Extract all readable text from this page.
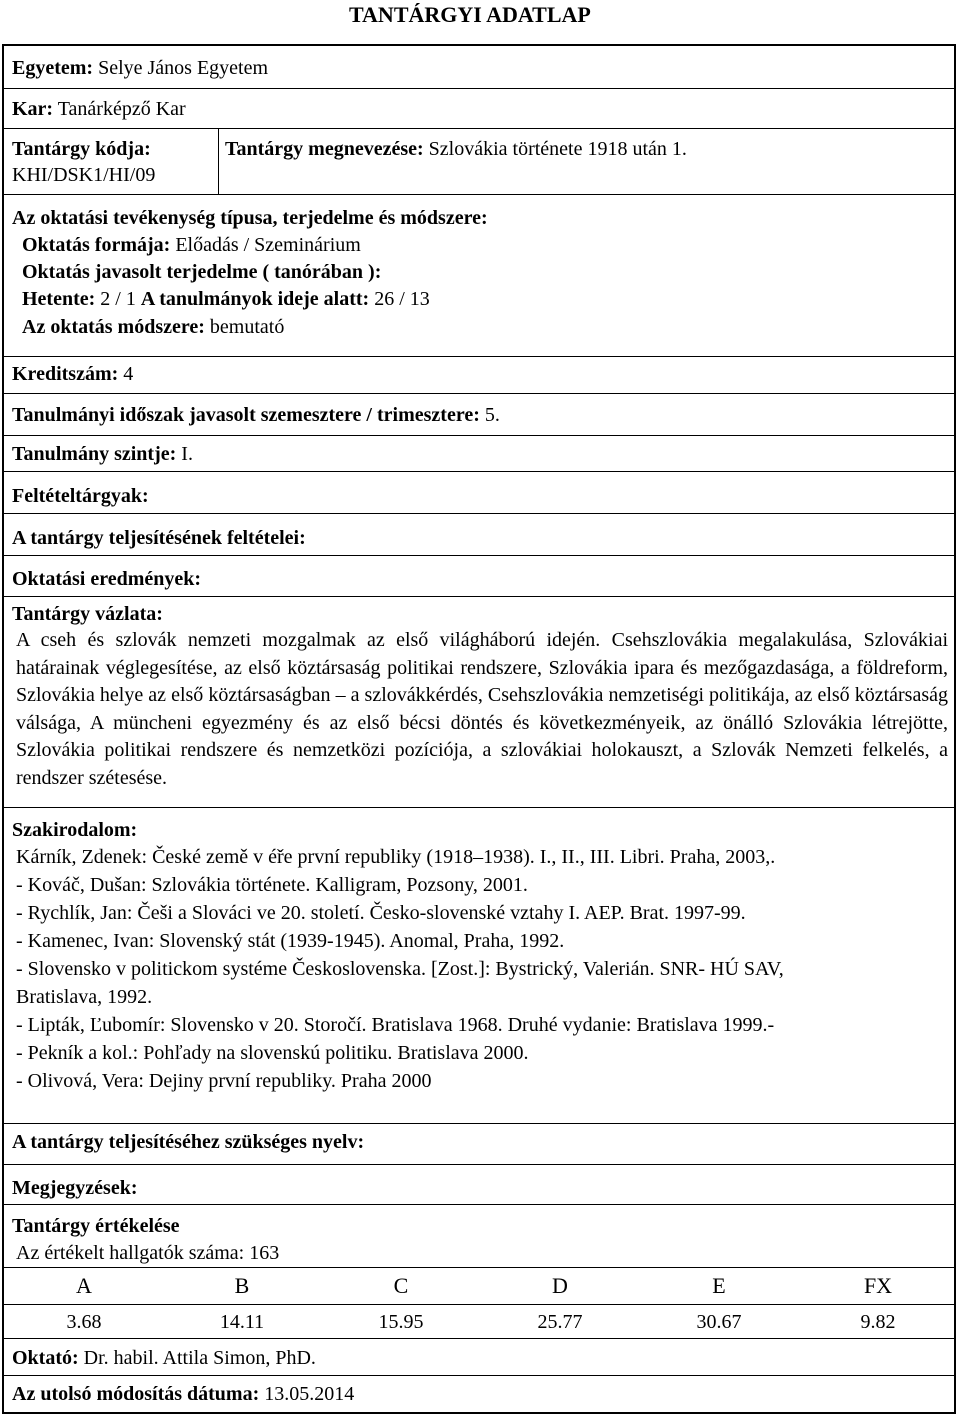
TANTÁRGYI ADATLAP
Egyetem: Selye János Egyetem
Kar: Tanárképző Kar
Tantárgy kódja:
KHI/DSK1/HI/09
Tantárgy megnevezése: Szlovákia története 1918 után 1.
Az oktatási tevékenység típusa, terjedelme és módszere:
Oktatás formája: Előadás / Szeminárium
Oktatás javasolt terjedelme ( tanórában ):
Hetente: 2 / 1 A tanulmányok ideje alatt: 26 / 13
Az oktatás módszere: bemutató
Kreditszám: 4
Tanulmányi időszak javasolt szemesztere / trimesztere: 5.
Tanulmány szintje: I.
Feltételtárgyak:
A tantárgy teljesítésének feltételei:
Oktatási eredmények:
Tantárgy vázlata:

A cseh és szlovák nemzeti mozgalmak az első világháború idején. Csehszlovákia megalakulása, Szlovákiai határainak véglegesítése, az első köztársaság politikai rendszere, Szlovákia ipara és mezőgazdasága, a földreform, Szlovákia helye az első köztársaságban – a szlovákkérdés, Csehszlovákia nemzetiségi politikája, az első köztársaság válsága, A müncheni egyezmény és az első bécsi döntés és következményeik, az önálló Szlovákia létrejötte, Szlovákia politikai rendszere és nemzetközi pozíciója, a szlovákiai holokauszt, a Szlovák Nemzeti felkelés, a rendszer szétesése.

Szakirodalom:
Kárník, Zdenek: České země v éře první republiky (1918–1938). I., II., III. Libri. Praha, 2003,.
- Kováč, Dušan: Szlovákia története. Kalligram, Pozsony, 2001.
- Rychlík, Jan: Češi a Slováci ve 20. století. Česko-slovenské vztahy I. AEP. Brat. 1997-99.
- Kamenec, Ivan: Slovenský stát (1939-1945). Anomal, Praha, 1992.
- Slovensko v politickom systéme Československa. [Zost.]: Bystrický, Valerián. SNR- HÚ SAV,
Bratislava, 1992.
- Lipták, Ľubomír: Slovensko v 20. Storočí. Bratislava 1968. Druhé vydanie: Bratislava 1999.-
- Pekník a kol.: Pohľady na slovenskú politiku. Bratislava 2000.
- Olivová, Vera: Dejiny první republiky. Praha 2000
A tantárgy teljesítéséhez szükséges nyelv:
Megjegyzések:
Tantárgy értékelése
Az értékelt hallgatók száma: 163
A	B	C	D	E	FX
3.68	14.11	15.95	25.77	30.67	9.82
Oktató: Dr. habil. Attila Simon, PhD.
Az utolsó módosítás dátuma: 13.05.2014
